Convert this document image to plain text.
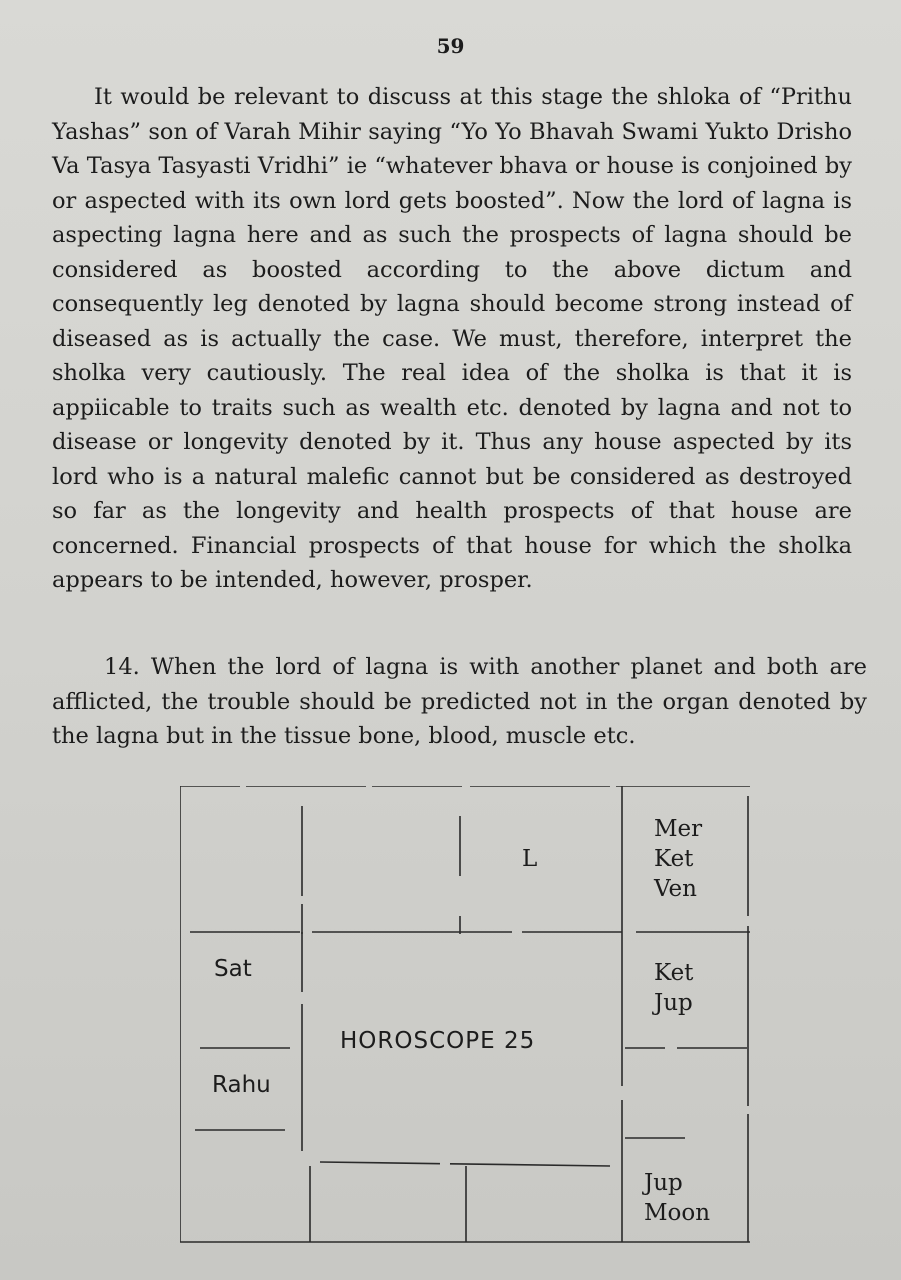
59

It would be relevant to discuss at this stage the shloka of “Prithu Yashas” son of Varah Mihir saying “Yo Yo Bhavah Swami Yukto Drisho Va Tasya Tasyasti Vridhi” ie “whatever bhava or house is conjoined by or aspected with its own lord gets boosted”. Now the lord of lagna is aspecting lagna here and as such the prospects of lagna should be considered as boosted according to the above dictum and consequently leg denoted by lagna should become strong instead of diseased as is actually the case. We must, therefore, interpret the sholka very cautiously. The real idea of the sholka is that it is appiicable to traits such as wealth etc. denoted by lagna and not to disease or longevity denoted by it. Thus any house aspected by its lord who is a natural malefic cannot but be considered as destroyed so far as the longevity and health prospects of that house are concerned. Financial prospects of that house for which the sholka appears to be intended, however, prosper.

14. When the lord of lagna is with another planet and both are afflicted, the trouble should be predicted not in the organ denoted by the lagna but in the tissue bone, blood, muscle etc.

L
Mer
Ket
Ven
Sat	Ket
Jup
HOROSCOPE 25
Rahu
Jup
Moon
